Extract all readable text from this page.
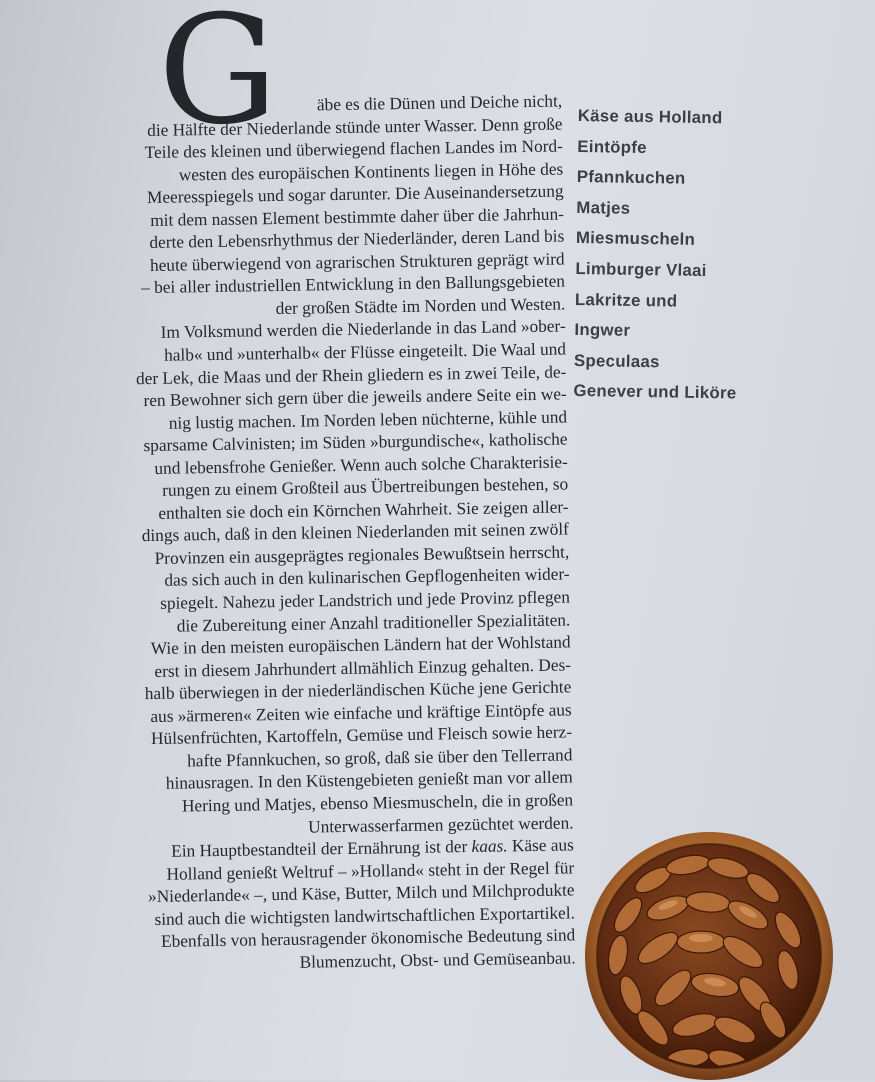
G	äbe es die Dünen und Deiche nicht,
die Hälfte der Niederlande stünde unter Wasser. Denn große
Teile des kleinen und überwiegend flachen Landes im Nord-
westen des europäischen Kontinents liegen in Höhe des
Meeresspiegels und sogar darunter. Die Auseinandersetzung
mit dem nassen Element bestimmte daher über die Jahrhun-
derte den Lebensrhythmus der Niederländer, deren Land bis
heute überwiegend von agrarischen Strukturen geprägt wird
– bei aller industriellen Entwicklung in den Ballungsgebieten
der großen Städte im Norden und Westen.

Im Volksmund werden die Niederlande in das Land »ober-
halb« und »unterhalb« der Flüsse eingeteilt. Die Waal und
der Lek, die Maas und der Rhein gliedern es in zwei Teile, de-
ren Bewohner sich gern über die jeweils andere Seite ein we-
nig lustig machen. Im Norden leben nüchterne, kühle und
sparsame Calvinisten; im Süden »burgundische«, katholische
und lebensfrohe Genießer. Wenn auch solche Charakterisie-
rungen zu einem Großteil aus Übertreibungen bestehen, so
enthalten sie doch ein Körnchen Wahrheit. Sie zeigen aller-
dings auch, daß in den kleinen Niederlanden mit seinen zwölf
Provinzen ein ausgeprägtes regionales Bewußtsein herrscht,
das sich auch in den kulinarischen Gepflogenheiten wider-
spiegelt. Nahezu jeder Landstrich und jede Provinz pflegen
die Zubereitung einer Anzahl traditioneller Spezialitäten.
Wie in den meisten europäischen Ländern hat der Wohlstand
erst in diesem Jahrhundert allmählich Einzug gehalten. Des-
halb überwiegen in der niederländischen Küche jene Gerichte
aus »ärmeren« Zeiten wie einfache und kräftige Eintöpfe aus
Hülsenfrüchten, Kartoffeln, Gemüse und Fleisch sowie herz-
hafte Pfannkuchen, so groß, daß sie über den Tellerrand
hinausragen. In den Küstengebieten genießt man vor allem
Hering und Matjes, ebenso Miesmuscheln, die in großen
Unterwasserfarmen gezüchtet werden.

Ein Hauptbestandteil der Ernährung ist der kaas. Käse aus
Holland genießt Weltruf – »Holland« steht in der Regel für
»Niederlande« –, und Käse, Butter, Milch und Milchprodukte
sind auch die wichtigsten landwirtschaftlichen Exportartikel.
Ebenfalls von herausragender ökonomische Bedeutung sind
Blumenzucht, Obst- und Gemüseanbau.

Käse aus Holland
Eintöpfe
Pfannkuchen
Matjes
Miesmuscheln
Limburger Vlaai
Lakritze und
Ingwer
Speculaas
Genever und Liköre
